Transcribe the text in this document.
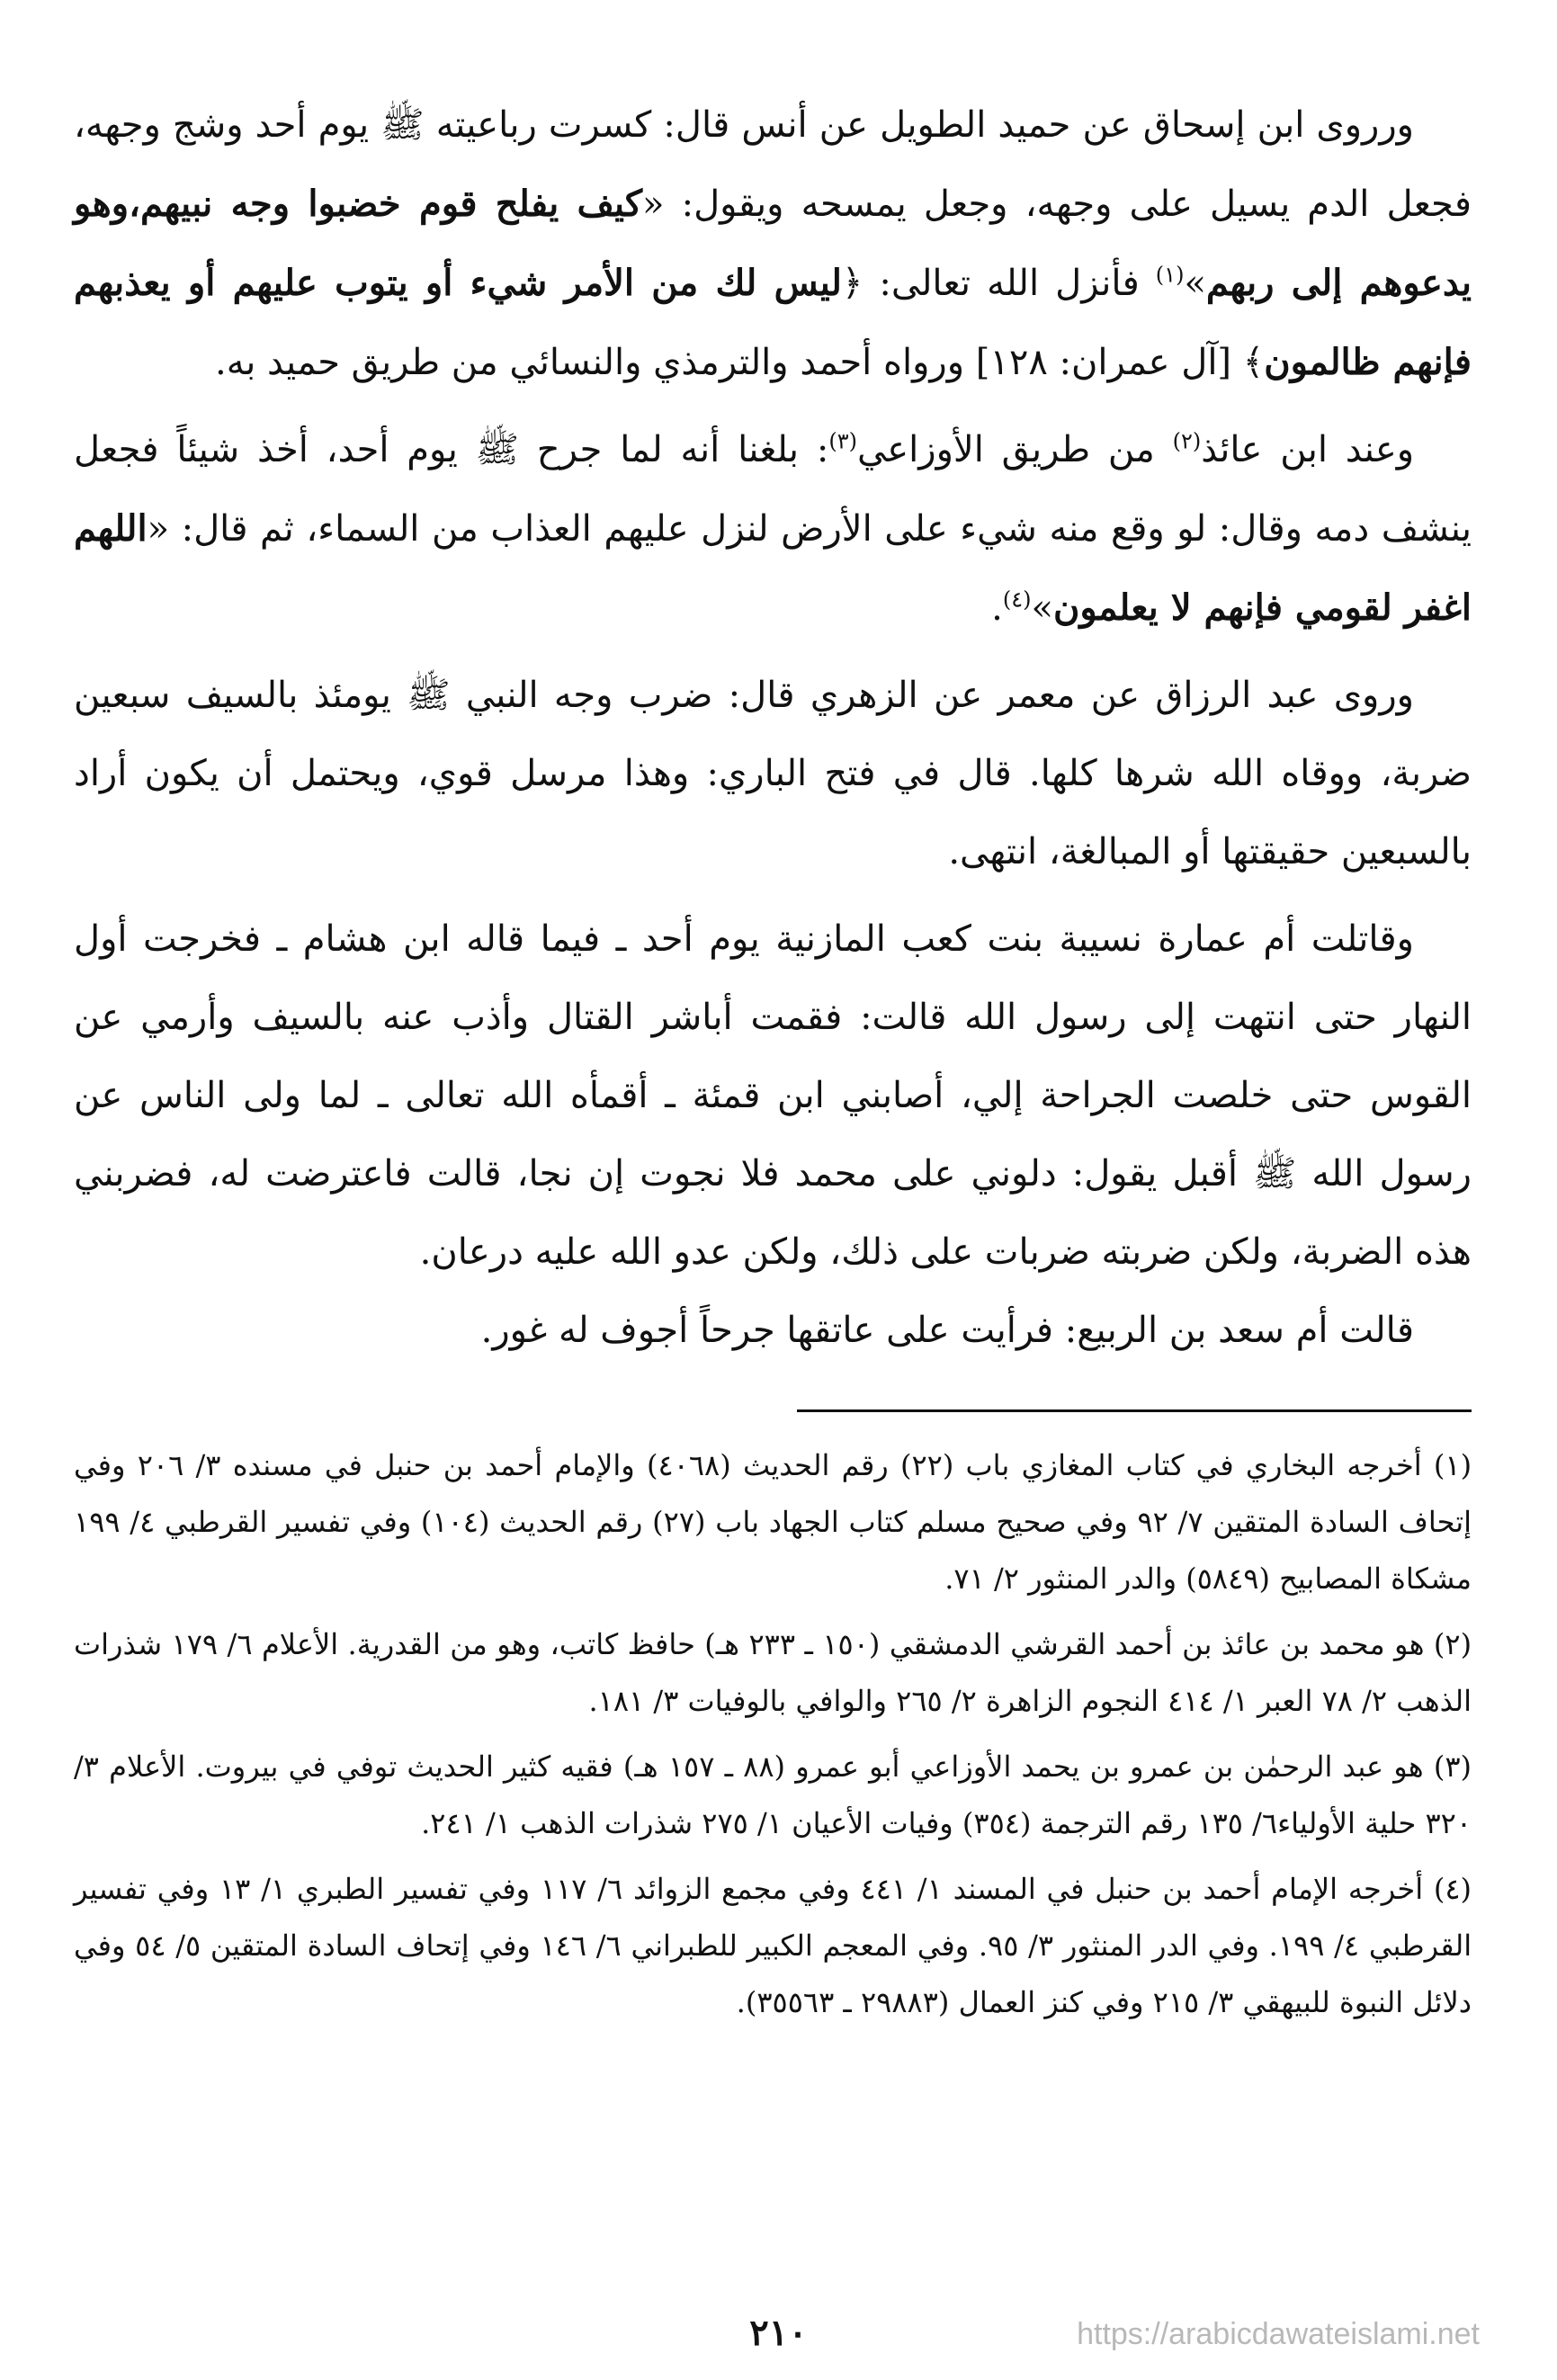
ورروى ابن إسحاق عن حميد الطويل عن أنس قال: كسرت رباعيته ﷺ يوم أحد وشج وجهه، فجعل الدم يسيل على وجهه، وجعل يمسحه ويقول: «كيف يفلح قوم خضبوا وجه نبيهم،وهو يدعوهم إلى ربهم»$^{(١)}$ فأنزل الله تعالى: ﴿ليس لك من الأمر شيء أو يتوب عليهم أو يعذبهم فإنهم ظالمون﴾ [آل عمران: ١٢٨] ورواه أحمد والترمذي والنسائي من طريق حميد به.

وعند ابن عائذ$^{(٢)}$ من طريق الأوزاعي$^{(٣)}$: بلغنا أنه لما جرح ﷺ يوم أحد، أخذ شيئاً فجعل ينشف دمه وقال: لو وقع منه شيء على الأرض لنزل عليهم العذاب من السماء، ثم قال: «اللهم اغفر لقومي فإنهم لا يعلمون»$^{(٤)}$.

وروى عبد الرزاق عن معمر عن الزهري قال: ضرب وجه النبي ﷺ يومئذ بالسيف سبعين ضربة، ووقاه الله شرها كلها. قال في فتح الباري: وهذا مرسل قوي، ويحتمل أن يكون أراد بالسبعين حقيقتها أو المبالغة، انتهى.

وقاتلت أم عمارة نسيبة بنت كعب المازنية يوم أحد ـ فيما قاله ابن هشام ـ فخرجت أول النهار حتى انتهت إلى رسول الله قالت: فقمت أباشر القتال وأذب عنه بالسيف وأرمي عن القوس حتى خلصت الجراحة إلي، أصابني ابن قمئة ـ أقمأه الله تعالى ـ لما ولى الناس عن رسول الله ﷺ أقبل يقول: دلوني على محمد فلا نجوت إن نجا، قالت فاعترضت له، فضربني هذه الضربة، ولكن ضربته ضربات على ذلك، ولكن عدو الله عليه درعان.

قالت أم سعد بن الربيع: فرأيت على عاتقها جرحاً أجوف له غور.

(١) أخرجه البخاري في كتاب المغازي باب (٢٢) رقم الحديث (٤٠٦٨) والإمام أحمد بن حنبل في مسنده ٣/ ٢٠٦ وفي إتحاف السادة المتقين ٧/ ٩٢ وفي صحيح مسلم كتاب الجهاد باب (٢٧) رقم الحديث (١٠٤) وفي تفسير القرطبي ٤/ ١٩٩ مشكاة المصابيح (٥٨٤٩) والدر المنثور ٢/ ٧١.
(٢) هو محمد بن عائذ بن أحمد القرشي الدمشقي (١٥٠ ـ ٢٣٣ هـ) حافظ كاتب، وهو من القدرية. الأعلام ٦/ ١٧٩ شذرات الذهب ٢/ ٧٨ العبر ١/ ٤١٤ النجوم الزاهرة ٢/ ٢٦٥ والوافي بالوفيات ٣/ ١٨١.
(٣) هو عبد الرحمٰن بن عمرو بن يحمد الأوزاعي أبو عمرو (٨٨ ـ ١٥٧ هـ) فقيه كثير الحديث توفي في بيروت. الأعلام ٣/ ٣٢٠ حلية الأولياء٦/ ١٣٥ رقم الترجمة (٣٥٤) وفيات الأعيان ١/ ٢٧٥ شذرات الذهب ١/ ٢٤١.
(٤) أخرجه الإمام أحمد بن حنبل في المسند ١/ ٤٤١ وفي مجمع الزوائد ٦/ ١١٧ وفي تفسير الطبري ١/ ١٣ وفي تفسير القرطبي ٤/ ١٩٩. وفي الدر المنثور ٣/ ٩٥. وفي المعجم الكبير للطبراني ٦/ ١٤٦ وفي إتحاف السادة المتقين ٥/ ٥٤ وفي دلائل النبوة للبيهقي ٣/ ٢١٥ وفي كنز العمال (٢٩٨٨٣ ـ ٣٥٥٦٣).
٢١٠	https://arabicdawateislami.net
